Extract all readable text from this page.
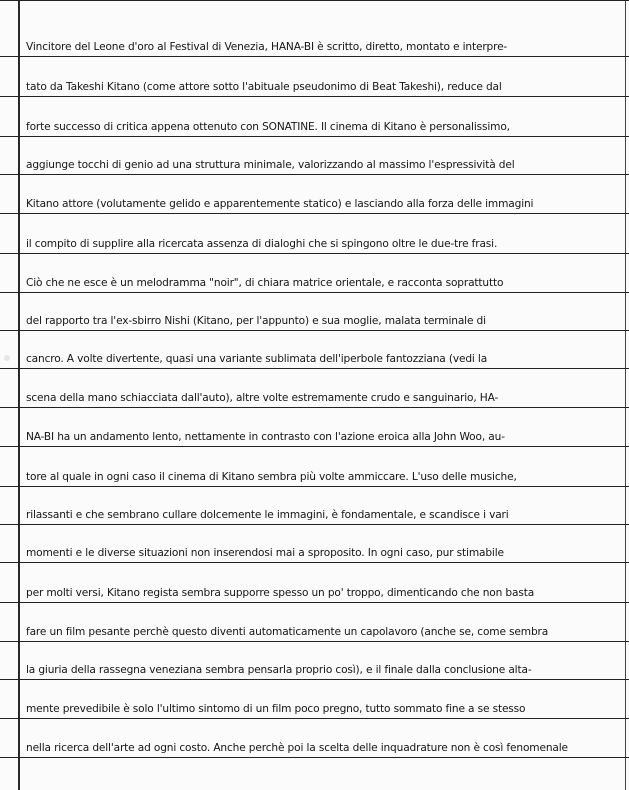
Vincitore del Leone d'oro al Festival di Venezia, HANA-BI è scritto, diretto, montato e interpre-
tato da Takeshi Kitano (come attore sotto l'abituale pseudonimo di Beat Takeshi), reduce dal
forte successo di critica appena ottenuto con SONATINE. Il cinema di Kitano è personalissimo,
aggiunge tocchi di genio ad una struttura minimale, valorizzando al massimo l'espressività del
Kitano attore (volutamente gelido e apparentemente statico) e lasciando alla forza delle immagini
il compito di supplire alla ricercata assenza di dialoghi che si spingono oltre le due-tre frasi.
Ciò che ne esce è un melodramma "noir", di chiara matrice orientale, e racconta soprattutto
del rapporto tra l'ex-sbirro Nishi (Kitano, per l'appunto) e sua moglie, malata terminale di
cancro. A volte divertente, quasi una variante sublimata dell'iperbole fantozziana (vedi la
scena della mano schiacciata dall'auto), altre volte estremamente crudo e sanguinario, HA-
NA-BI ha un andamento lento, nettamente in contrasto con l'azione eroica alla John Woo, au-
tore al quale in ogni caso il cinema di Kitano sembra più volte ammiccare. L'uso delle musiche,
rilassanti e che sembrano cullare dolcemente le immagini, è fondamentale, e scandisce i vari
momenti e le diverse situazioni non inserendosi mai a sproposito. In ogni caso, pur stimabile
per molti versi, Kitano regista sembra supporre spesso un po' troppo, dimenticando che non basta
fare un film pesante perchè questo diventi automaticamente un capolavoro (anche se, come sembra
la giuria della rassegna veneziana sembra pensarla proprio così), e il finale dalla conclusione alta-
mente prevedibile è solo l'ultimo sintomo di un film poco pregno, tutto sommato fine a se stesso
nella ricerca dell'arte ad ogni costo. Anche perchè poi la scelta delle inquadrature non è così fenomenale
